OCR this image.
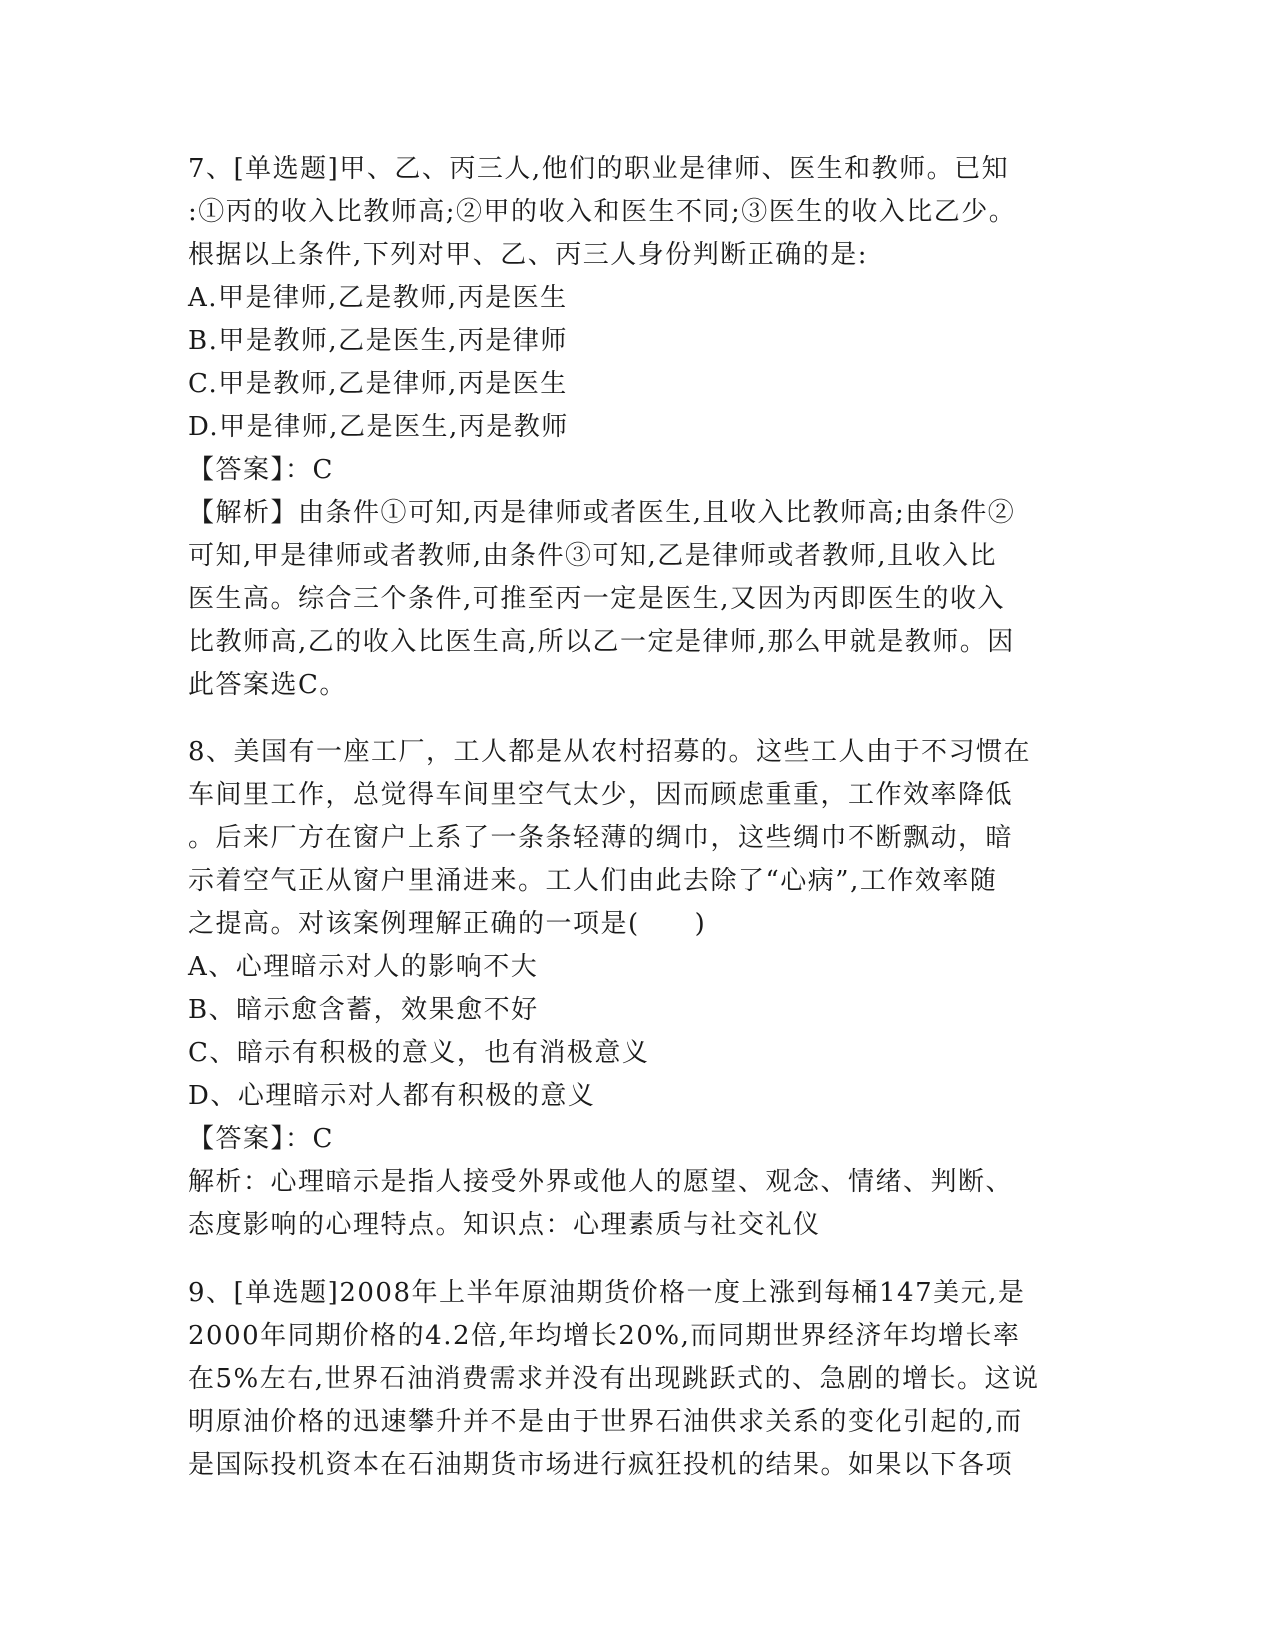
7、[单选题]甲、乙、丙三人,他们的职业是律师、医生和教师。已知
:①丙的收入比教师高;②甲的收入和医生不同;③医生的收入比乙少。
根据以上条件,下列对甲、乙、丙三人身份判断正确的是:
A.甲是律师,乙是教师,丙是医生
B.甲是教师,乙是医生,丙是律师
C.甲是教师,乙是律师,丙是医生
D.甲是律师,乙是医生,丙是教师
【答案】：C
【解析】由条件①可知,丙是律师或者医生,且收入比教师高;由条件②
可知,甲是律师或者教师,由条件③可知,乙是律师或者教师,且收入比
医生高。综合三个条件,可推至丙一定是医生,又因为丙即医生的收入
比教师高,乙的收入比医生高,所以乙一定是律师,那么甲就是教师。因
此答案选C。
8、美国有一座工厂，工人都是从农村招募的。这些工人由于不习惯在
车间里工作，总觉得车间里空气太少，因而顾虑重重，工作效率降低
。后来厂方在窗户上系了一条条轻薄的绸巾，这些绸巾不断飘动，暗
示着空气正从窗户里涌进来。工人们由此去除了“心病”,工作效率随
之提高。对该案例理解正确的一项是(　　)
A、心理暗示对人的影响不大
B、暗示愈含蓄，效果愈不好
C、暗示有积极的意义，也有消极意义
D、心理暗示对人都有积极的意义
【答案】：C
解析：心理暗示是指人接受外界或他人的愿望、观念、情绪、判断、
态度影响的心理特点。知识点：心理素质与社交礼仪
9、[单选题]2008年上半年原油期货价格一度上涨到每桶147美元,是
2000年同期价格的4.2倍,年均增长20%,而同期世界经济年均增长率
在5%左右,世界石油消费需求并没有出现跳跃式的、急剧的增长。这说
明原油价格的迅速攀升并不是由于世界石油供求关系的变化引起的,而
是国际投机资本在石油期货市场进行疯狂投机的结果。如果以下各项
